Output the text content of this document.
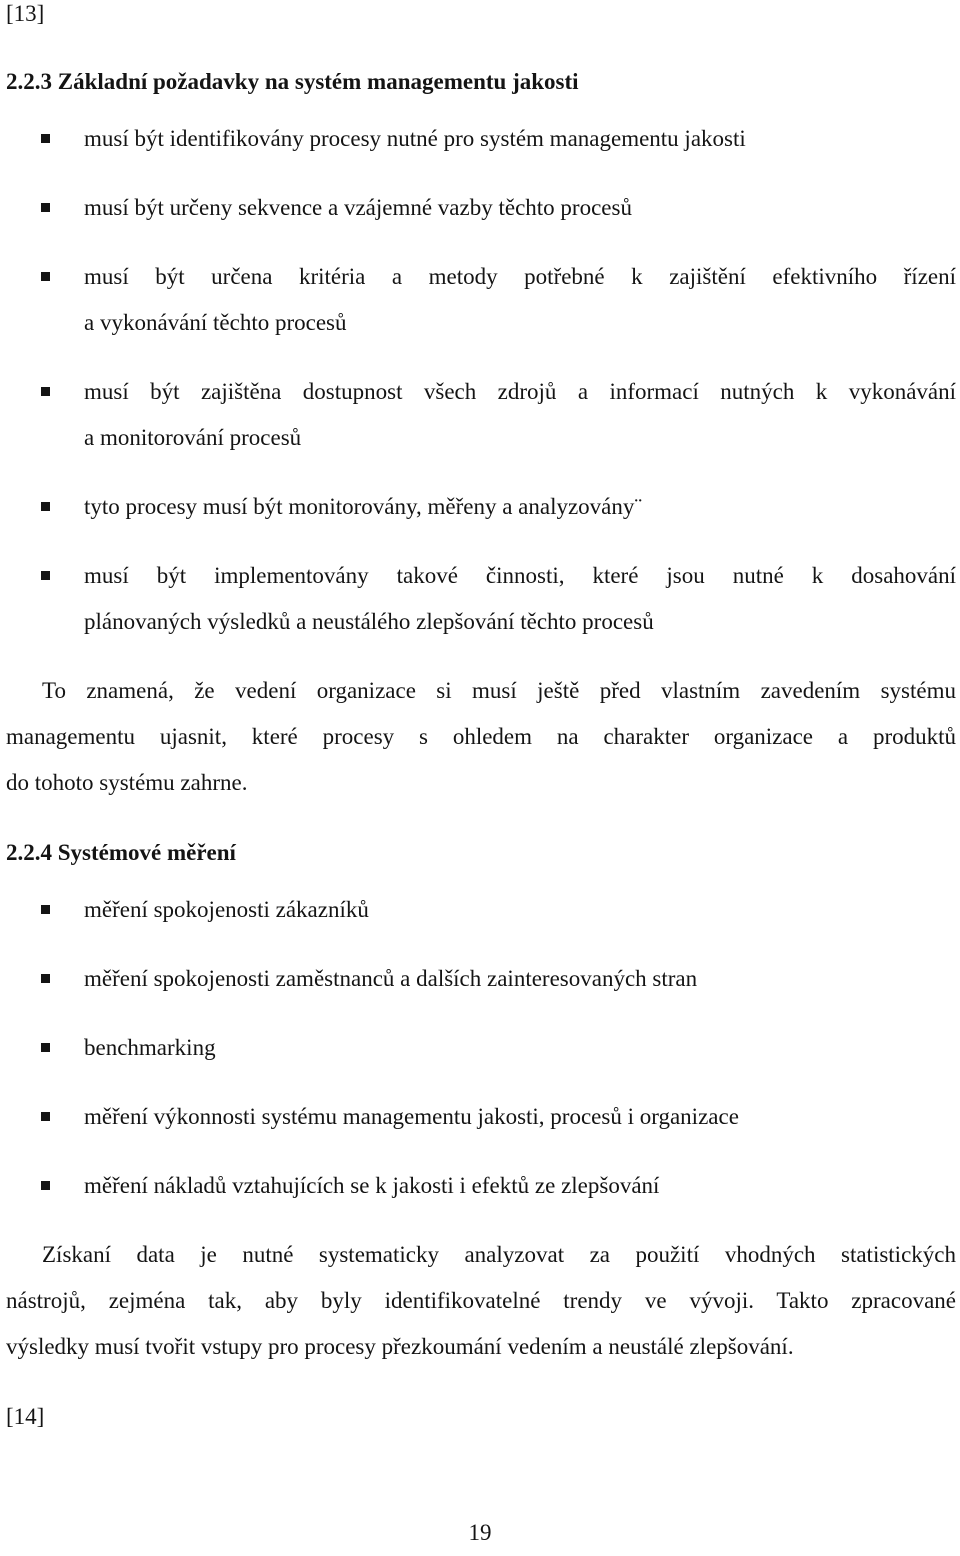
[13]
2.2.3 Základní požadavky na systém managementu jakosti
musí být identifikovány procesy nutné pro systém managementu jakosti
musí být určeny sekvence a vzájemné vazby těchto procesů
musí být určena kritéria a metody potřebné k zajištění efektivního řízení
a vykonávání těchto procesů
musí být zajištěna dostupnost všech zdrojů a informací nutných k vykonávání
a monitorování procesů
tyto procesy musí být monitorovány, měřeny a analyzovány¨
musí být implementovány takové činnosti, které jsou nutné k dosahování
plánovaných výsledků a neustálého zlepšování těchto procesů
To znamená, že vedení organizace si musí ještě před vlastním zavedením systému
managementu ujasnit, které procesy s ohledem na charakter organizace a produktů
do tohoto systému zahrne.
2.2.4 Systémové měření
měření spokojenosti zákazníků
měření spokojenosti zaměstnanců a dalších zainteresovaných stran
benchmarking
měření výkonnosti systému managementu jakosti, procesů i organizace
měření nákladů vztahujících se k jakosti i efektů ze zlepšování
Získaní data je nutné systematicky analyzovat za použití vhodných statistických
nástrojů, zejména tak, aby byly identifikovatelné trendy ve vývoji. Takto zpracované
výsledky musí tvořit vstupy pro procesy přezkoumání vedením a neustálé zlepšování.
[14]
19
